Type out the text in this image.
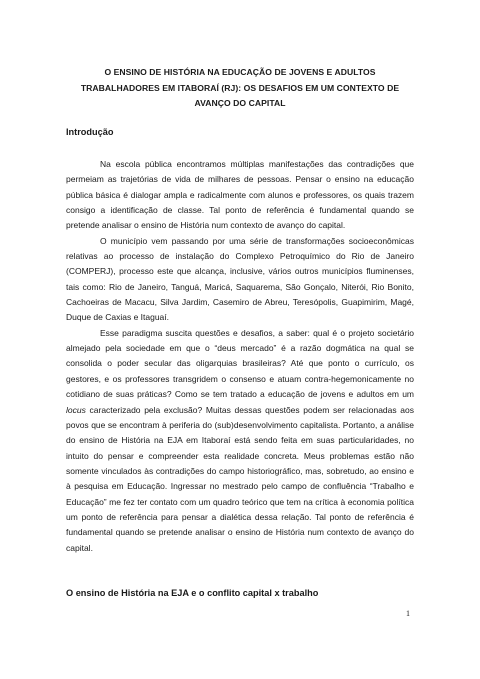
O ENSINO DE HISTÓRIA NA EDUCAÇÃO DE JOVENS E ADULTOS TRABALHADORES EM ITABORAÍ (RJ): OS DESAFIOS EM UM CONTEXTO DE AVANÇO DO CAPITAL
Introdução

Na escola pública encontramos múltiplas manifestações das contradições que permeiam as trajetórias de vida de milhares de pessoas. Pensar o ensino na educação pública básica é dialogar ampla e radicalmente com alunos e professores, os quais trazem consigo a identificação de classe. Tal ponto de referência é fundamental quando se pretende analisar o ensino de História num contexto de avanço do capital.

O município vem passando por uma série de transformações socioeconômicas relativas ao processo de instalação do Complexo Petroquímico do Rio de Janeiro (COMPERJ), processo este que alcança, inclusive, vários outros municípios fluminenses, tais como: Rio de Janeiro, Tanguá, Maricá, Saquarema, São Gonçalo, Niterói, Rio Bonito, Cachoeiras de Macacu, Silva Jardim, Casemiro de Abreu, Teresópolis, Guapimirim, Magé, Duque de Caxias e Itaguaí.

Esse paradigma suscita questões e desafios, a saber: qual é o projeto societário almejado pela sociedade em que o “deus mercado” é a razão dogmática na qual se consolida o poder secular das oligarquias brasileiras? Até que ponto o currículo, os gestores, e os professores transgridem o consenso e atuam contra-hegemonicamente no cotidiano de suas práticas? Como se tem tratado a educação de jovens e adultos em um locus caracterizado pela exclusão? Muitas dessas questões podem ser relacionadas aos povos que se encontram à periferia do (sub)desenvolvimento capitalista. Portanto, a análise do ensino de História na EJA em Itaboraí está sendo feita em suas particularidades, no intuito do pensar e compreender esta realidade concreta. Meus problemas estão não somente vinculados às contradições do campo historiográfico, mas, sobretudo, ao ensino e à pesquisa em Educação. Ingressar no mestrado pelo campo de confluência “Trabalho e Educação” me fez ter contato com um quadro teórico que tem na crítica à economia política um ponto de referência para pensar a dialética dessa relação. Tal ponto de referência é fundamental quando se pretende analisar o ensino de História num contexto de avanço do capital.

O ensino de História na EJA e o conflito capital x trabalho
1
